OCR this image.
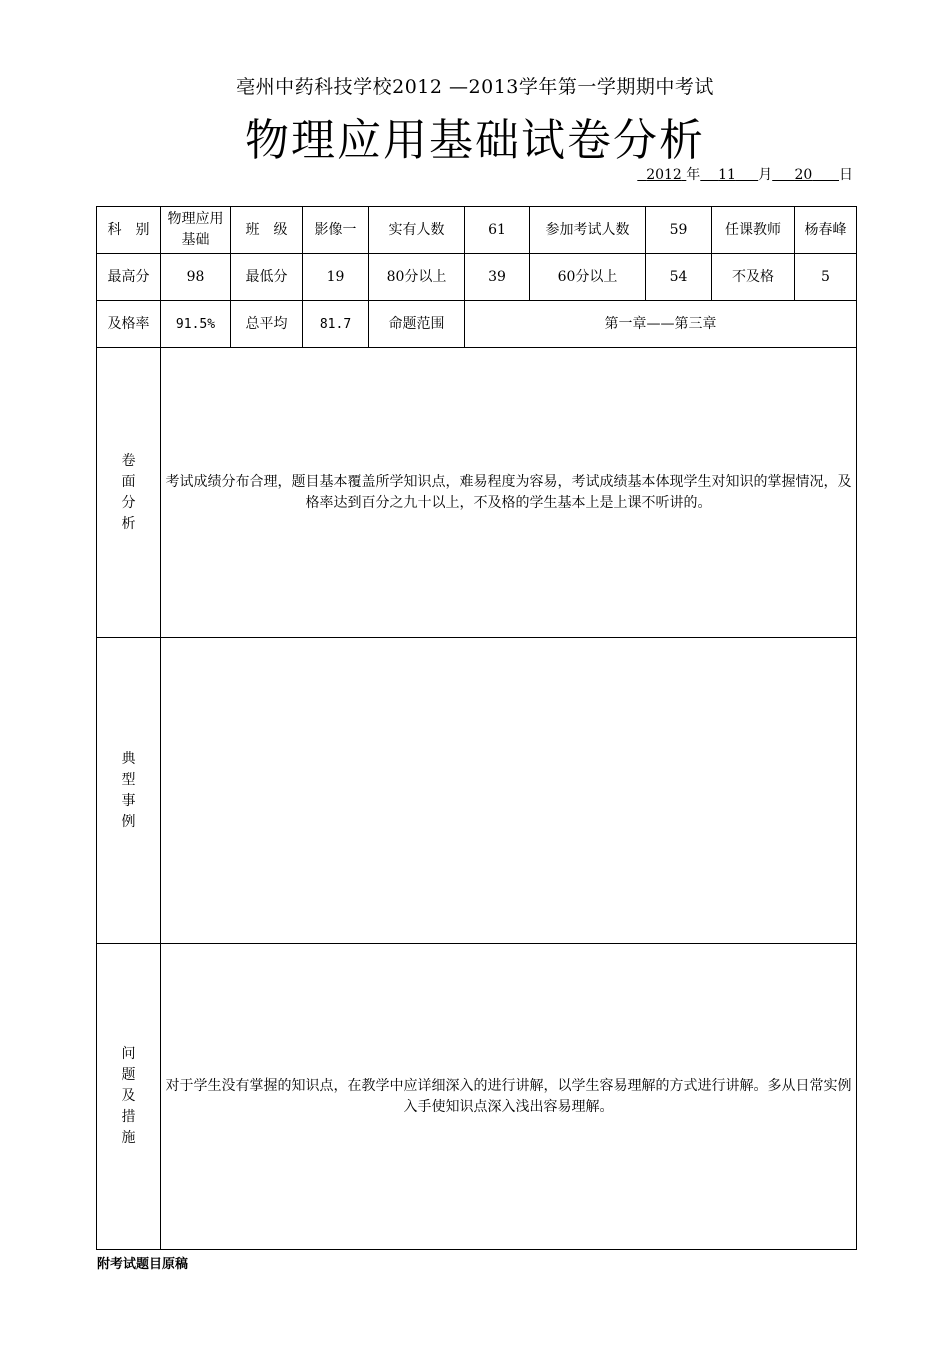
亳州中药科技学校2012 —2013学年第一学期期中考试
物理应用基础试卷分析
2012 年 11 月 20 日
科　别	物理应用基础	班　级	影像一	实有人数	61	参加考试人数	59	任课教师	杨春峰
最高分	98	最低分	19	80分以上	39	60分以上	54	不及格	5
及格率	91.5%	总平均	81.7	命题范围	第一章——第三章				

卷
面
分
析	考试成绩分布合理，题目基本覆盖所学知识点，难易程度为容易，考试成绩基本体现学生对知识的掌握情况，及格率达到百分之九十以上，不及格的学生基本上是上课不听讲的。								

典
型
事
例									

问
题
及
措
施	对于学生没有掌握的知识点，在教学中应详细深入的进行讲解，以学生容易理解的方式进行讲解。多从日常实例入手使知识点深入浅出容易理解。								
附考试题目原稿
